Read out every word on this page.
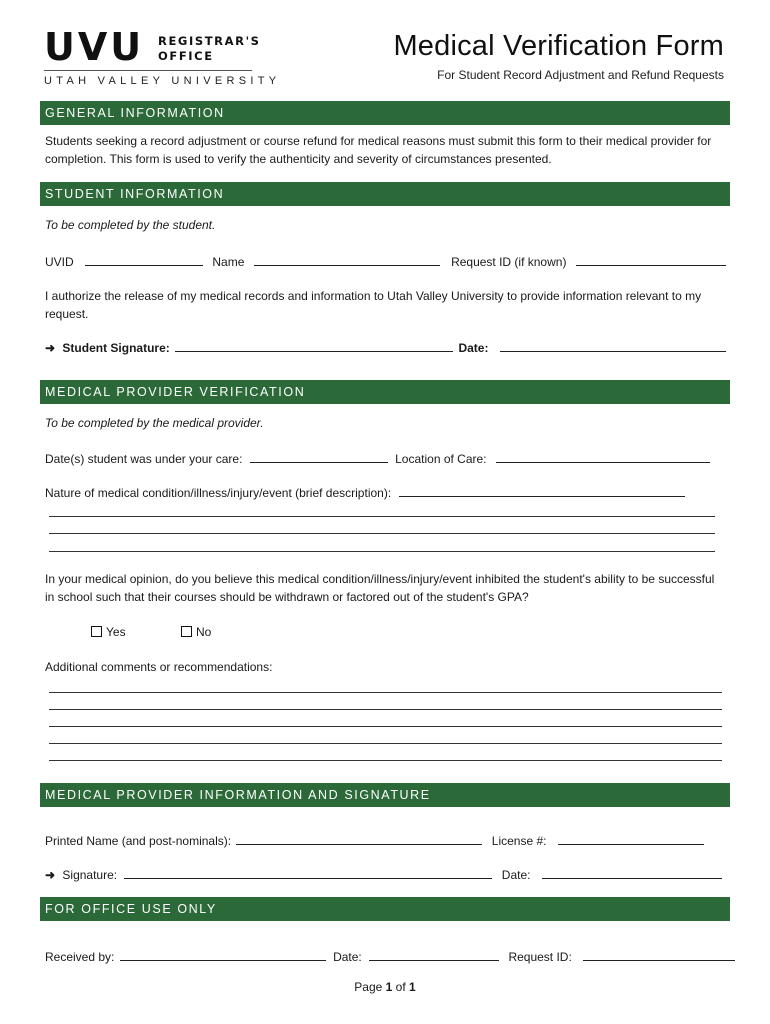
U V U REGISTRAR'S
OFFICE
UTAH VALLEY UNIVERSITY
Medical Verification Form
For Student Record Adjustment and Refund Requests
GENERAL INFORMATION
Students seeking a record adjustment or course refund for medical reasons must submit this form to their medical provider for completion. This form is used to verify the authenticity and severity of circumstances presented.
STUDENT INFORMATION
To be completed by the student.
UVID	Name	Request ID (if known)
I authorize the release of my medical records and information to Utah Valley University to provide information relevant to my request.
➜ Student Signature:	Date:
MEDICAL PROVIDER VERIFICATION
To be completed by the medical provider.
Date(s) student was under your care:	Location of Care:
Nature of medical condition/illness/injury/event (brief description):
In your medical opinion, do you believe this medical condition/illness/injury/event inhibited the student's ability to be successful in school such that their courses should be withdrawn or factored out of the student's GPA?
Yes	No
Additional comments or recommendations:
MEDICAL PROVIDER INFORMATION AND SIGNATURE
Printed Name (and post-nominals):	License #:
➜ Signature:	Date:
FOR OFFICE USE ONLY
Received by:	Date:	Request ID:
Page 1 of 1
